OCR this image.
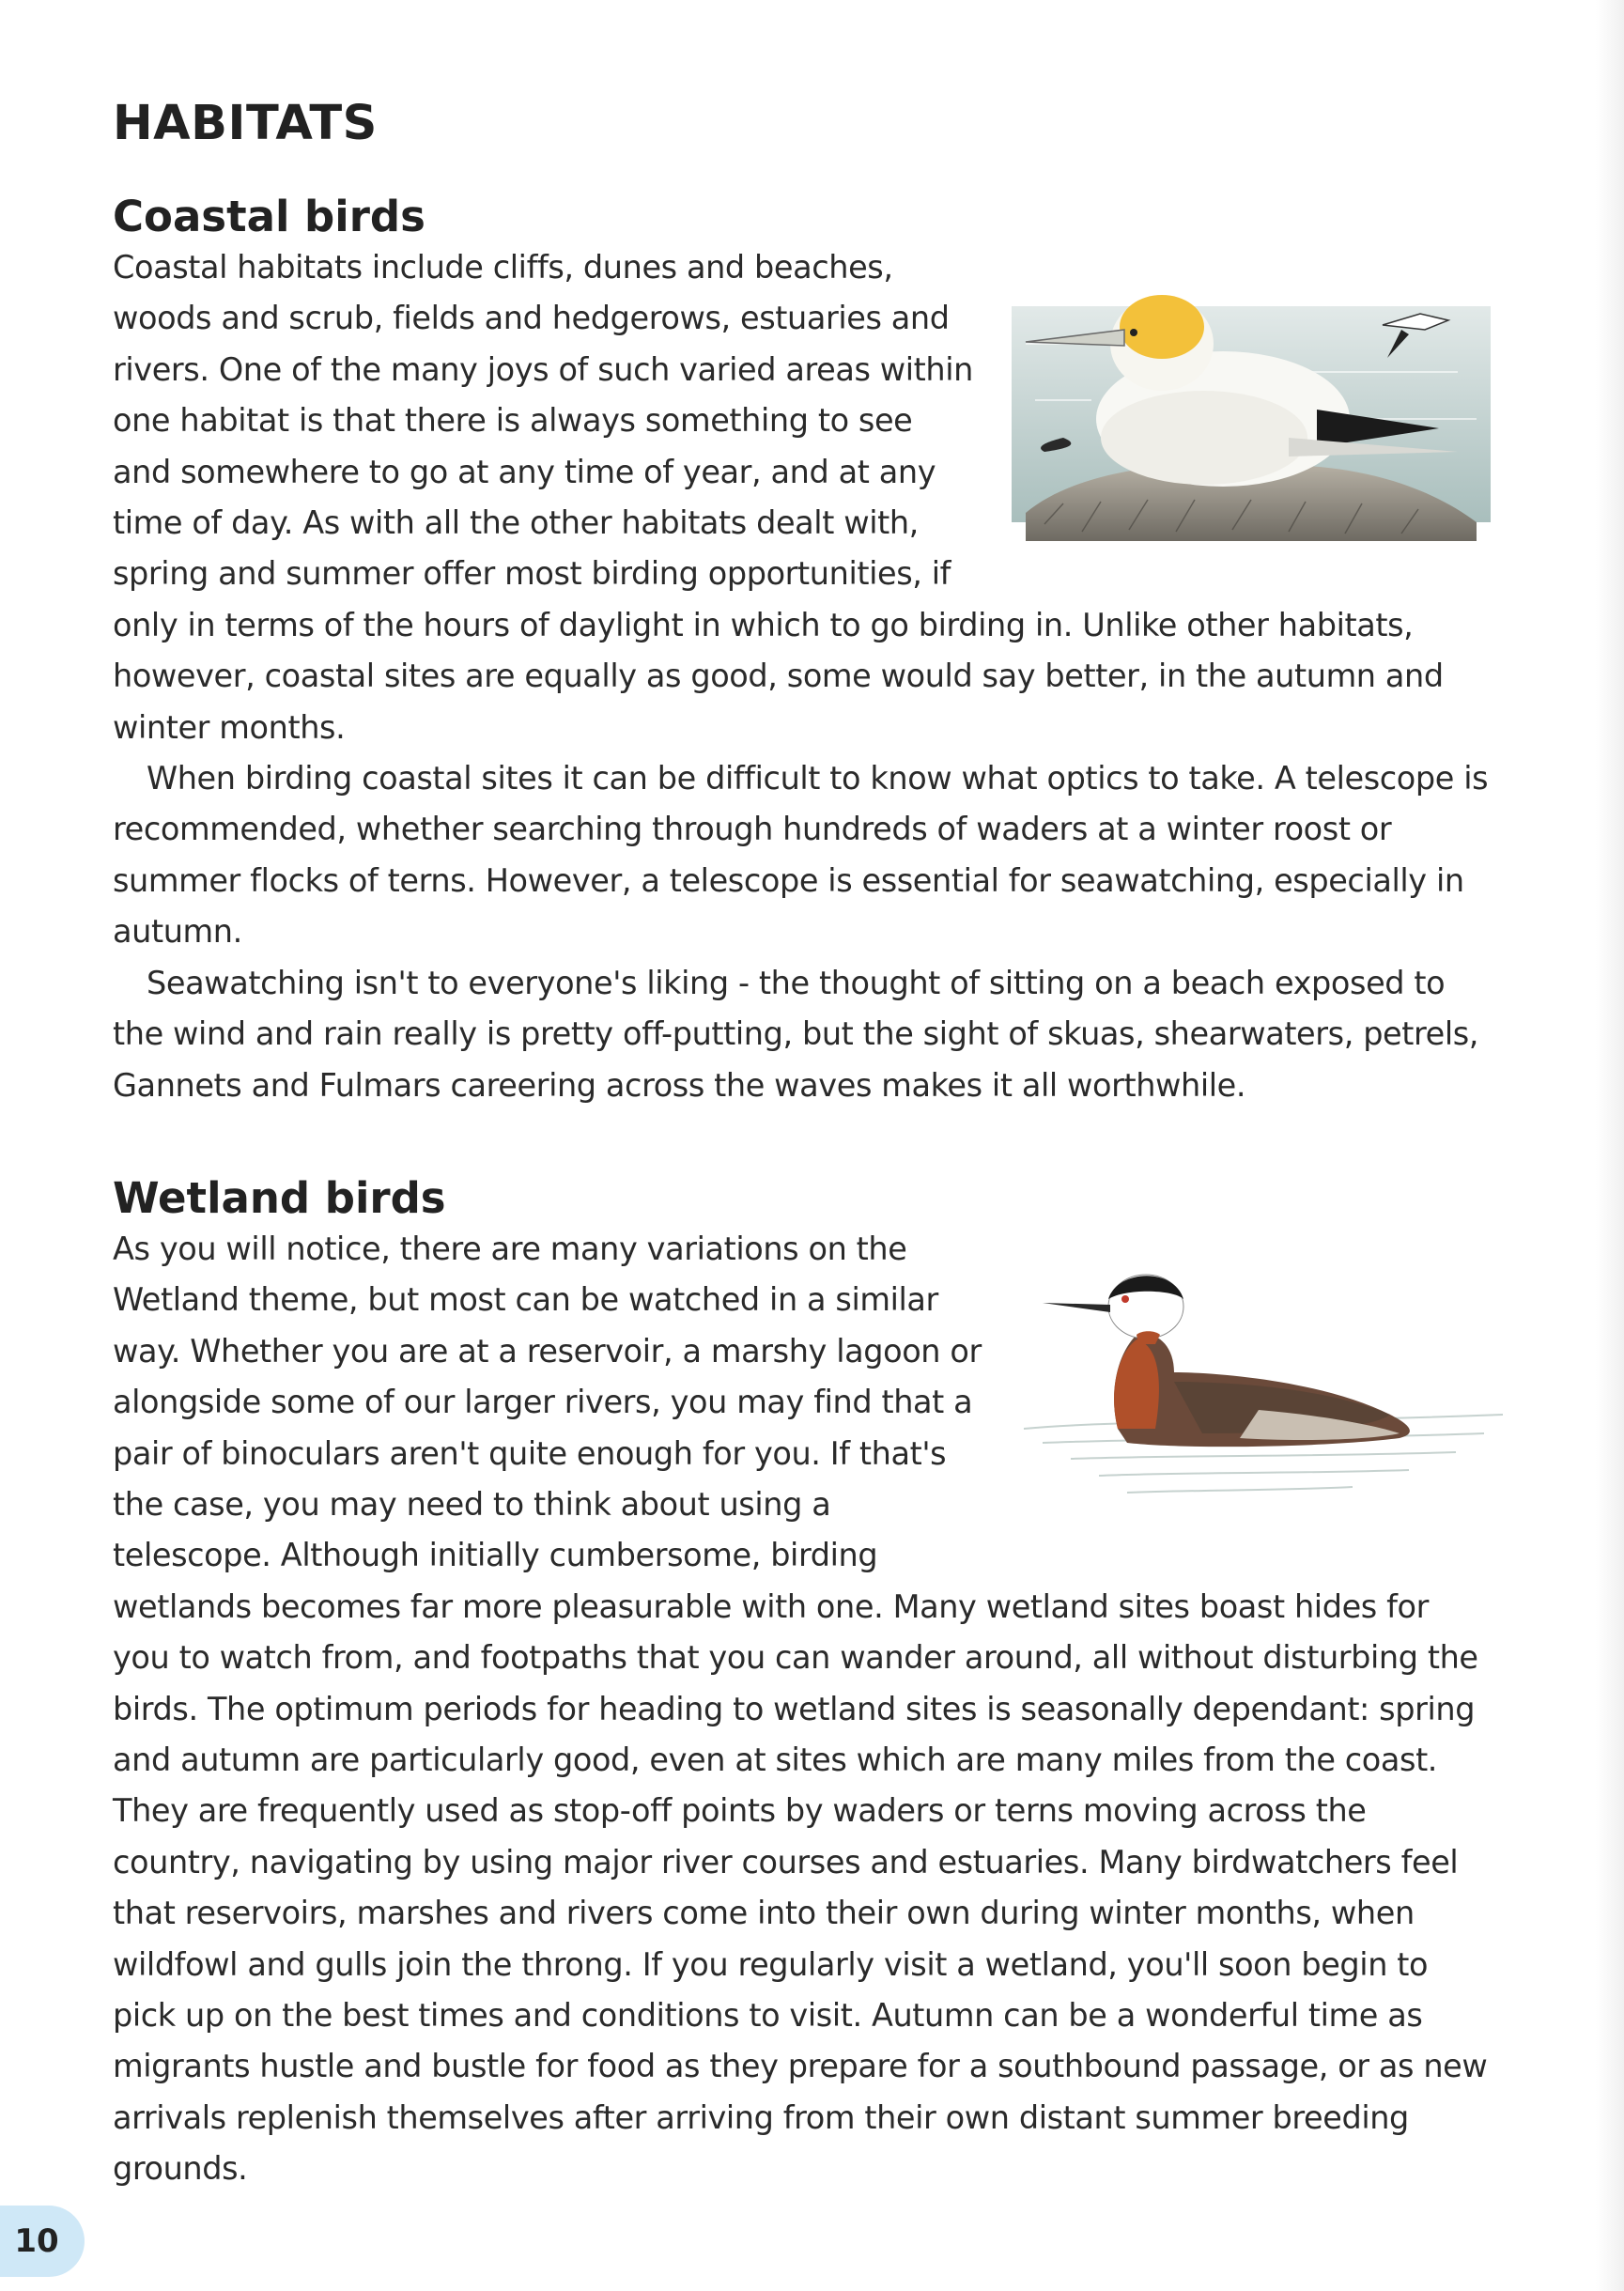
HABITATS
Coastal birds

Coastal habitats include cliffs, dunes and beaches, woods and scrub, fields and hedgerows, estuaries and rivers. One of the many joys of such varied areas within one habitat is that there is always something to see and somewhere to go at any time of year, and at any time of day. As with all the other habitats dealt with, spring and summer offer most birding opportunities, if only in terms of the hours of daylight in which to go birding in. Unlike other habitats, however, coastal sites are equally as good, some would say better, in the autumn and winter months.

When birding coastal sites it can be difficult to know what optics to take. A telescope is recommended, whether searching through hundreds of waders at a winter roost or summer flocks of terns. However, a telescope is essential for seawatching, especially in autumn.

Seawatching isn't to everyone's liking - the thought of sitting on a beach exposed to the wind and rain really is pretty off-putting, but the sight of skuas, shearwaters, petrels, Gannets and Fulmars careering across the waves makes it all worthwhile.

Wetland birds

As you will notice, there are many variations on the Wetland theme, but most can be watched in a similar way. Whether you are at a reservoir, a marshy lagoon or alongside some of our larger rivers, you may find that a pair of binoculars aren't quite enough for you. If that's the case, you may need to think about using a telescope. Although initially cumbersome, birding wetlands becomes far more pleasurable with one. Many wetland sites boast hides for you to watch from, and footpaths that you can wander around, all without disturbing the birds. The optimum periods for heading to wetland sites is seasonally dependant: spring and autumn are particularly good, even at sites which are many miles from the coast. They are frequently used as stop-off points by waders or terns moving across the country, navigating by using major river courses and estuaries. Many birdwatchers feel that reservoirs, marshes and rivers come into their own during winter months, when wildfowl and gulls join the throng. If you regularly visit a wetland, you'll soon begin to pick up on the best times and conditions to visit. Autumn can be a wonderful time as migrants hustle and bustle for food as they prepare for a southbound passage, or as new arrivals replenish themselves after arriving from their own distant summer breeding grounds.

10
